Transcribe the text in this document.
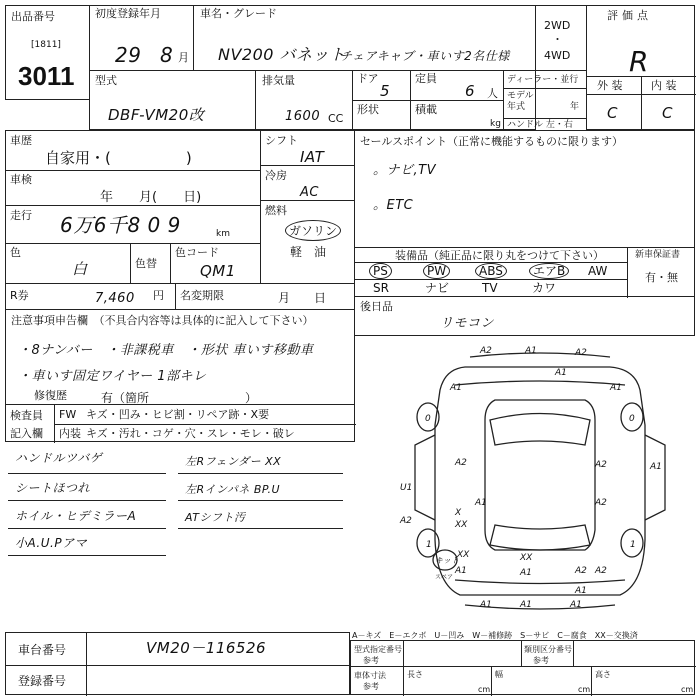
出品番号
[1811]
3011
初度登録年月
29 8 月
車名・グレード
NV200 バネット
チェアキャブ・車いす2名仕様
型式
DBF-VM20改
排気量
1600 CC
ドア
5
定員
6 人
形状	積載
kg
ディーラー・並行
モデル
年式	年
ハンドル 左・右
2WD
・
4WD
評価点
R
外 装	内 装
C	C
車歴
自家用・(　　　　　)
車検
年　　月(　　日)
走行 6万6千8 0 9	km
色
白	色替
色コード
QM1
シフト
IAT
冷房
AC
燃料
ガソリン
軽　油
R券	7,460 円 名変期限	月　　日
セールスポイント（正常に機能するものに限ります）
。ナビ,TV
。ETC
装備品（純正品に限り丸をつけて下さい）
PS	PW	ABS	エアB	AW
SR	ナビ	TV	カワ
新車保証書
有・無
後日品
リモコン
注意事項申告欄　（不具合内容等は具体的に記入して下さい）
・8ナンバー　・非課税車　・形状 車いす移動車
・車いす固定ワイヤー 1部キレ
修復歴	有（箇所　　　　　　　　）
検査員
記入欄
FW キズ・凹み・ヒビ割・リペア跡・X要
内装 キズ・汚れ・コゲ・穴・スレ・モレ・破レ
ハンドルツバゲ
シートほつれ
ホイル・ヒデミラーA
小A.U.Pアマ
左Rフェンダー XX
左Rインパネ BP.U
ATシフト汚
0	0
1	1
キット
スペア
A2	A1	A2
A1
A1	A1
A2	A2	A1
A1
A2
U1
A2
X
XX
XX	XX
A2 A2
A1	A1
A1
A1	A1	A1
A－キズ　E－エクボ　U－凹み　W－補修跡　S－サビ　C－腐食　XX－交換済
型式指定番号
参考
類別区分番号
参考
車体寸法
参考
長さ	幅	高さ
cm	cm	cm
車台番号	VM20－116526
登録番号
